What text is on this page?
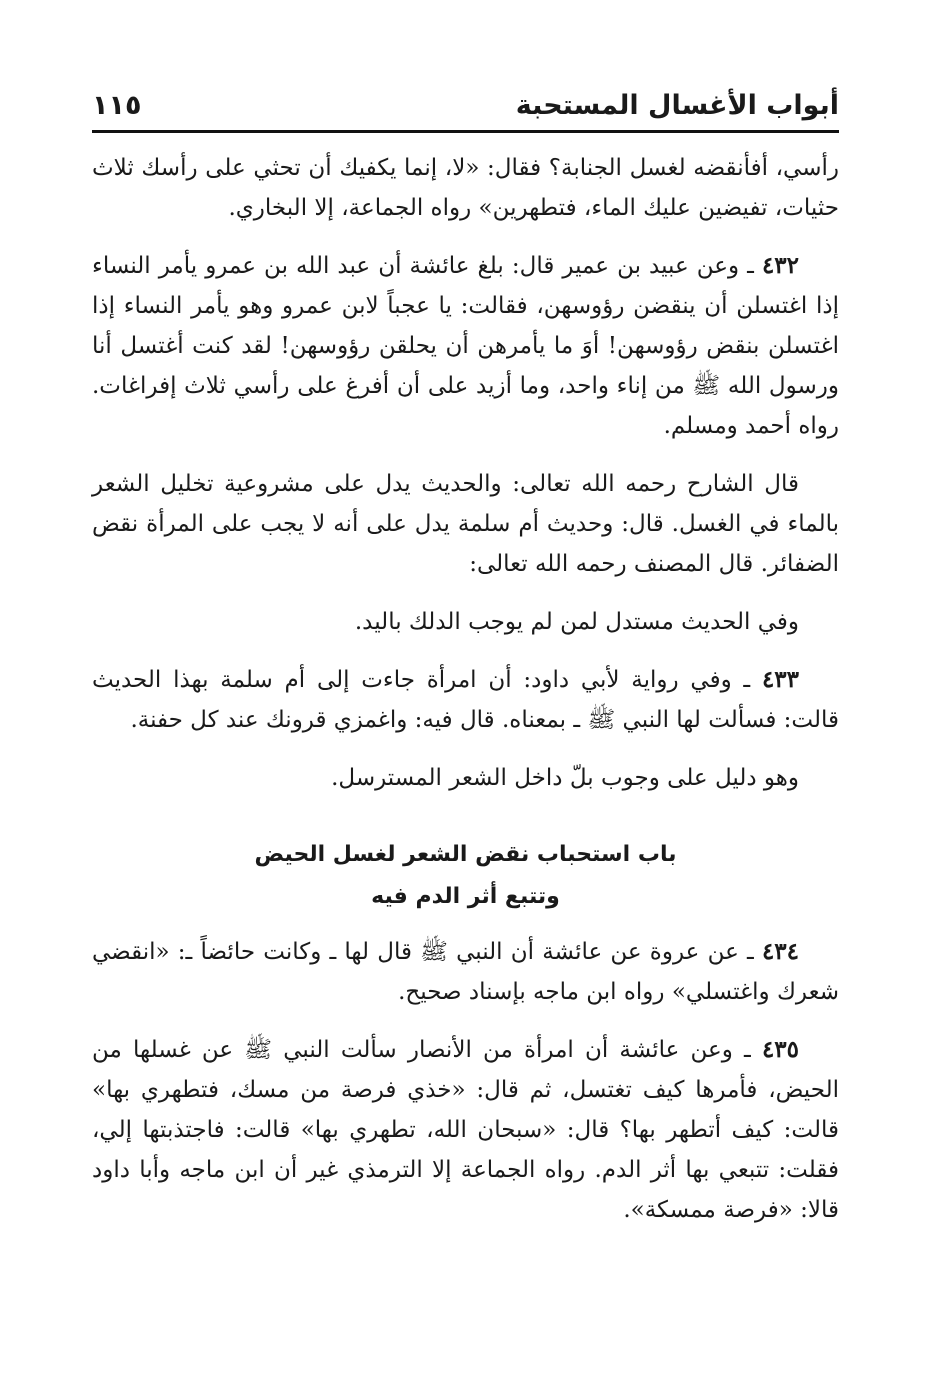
أبواب الأغسال المستحبة
١١٥

رأسي، أفأنقضه لغسل الجنابة؟ فقال: «لا، إنما يكفيك أن تحثي على رأسك ثلاث حثيات، تفيضين عليك الماء، فتطهرين» رواه الجماعة، إلا البخاري.

٤٣٢ ـ وعن عبيد بن عمير قال: بلغ عائشة أن عبد الله بن عمرو يأمر النساء إذا اغتسلن أن ينقضن رؤوسهن، فقالت: يا عجباً لابن عمرو وهو يأمر النساء إذا اغتسلن بنقض رؤوسهن! أوَ ما يأمرهن أن يحلقن رؤوسهن! لقد كنت أغتسل أنا ورسول الله ﷺ من إناء واحد، وما أزيد على أن أفرغ على رأسي ثلاث إفراغات. رواه أحمد ومسلم.

قال الشارح رحمه الله تعالى: والحديث يدل على مشروعية تخليل الشعر بالماء في الغسل. قال: وحديث أم سلمة يدل على أنه لا يجب على المرأة نقض الضفائر. قال المصنف رحمه الله تعالى:

وفي الحديث مستدل لمن لم يوجب الدلك باليد.

٤٣٣ ـ وفي رواية لأبي داود: أن امرأة جاءت إلى أم سلمة بهذا الحديث قالت: فسألت لها النبي ﷺ ـ بمعناه. قال فيه: واغمزي قرونك عند كل حفنة.

وهو دليل على وجوب بلّ داخل الشعر المسترسل.

باب استحباب نقض الشعر لغسل الحيض
وتتبع أثر الدم فيه

٤٣٤ ـ عن عروة عن عائشة أن النبي ﷺ قال لها ـ وكانت حائضاً ـ: «انقضي شعرك واغتسلي» رواه ابن ماجه بإسناد صحيح.

٤٣٥ ـ وعن عائشة أن امرأة من الأنصار سألت النبي ﷺ عن غسلها من الحيض، فأمرها كيف تغتسل، ثم قال: «خذي فرصة من مسك، فتطهري بها» قالت: كيف أتطهر بها؟ قال: «سبحان الله، تطهري بها» قالت: فاجتذبتها إلي، فقلت: تتبعي بها أثر الدم. رواه الجماعة إلا الترمذي غير أن ابن ماجه وأبا داود قالا: «فرصة ممسكة».
